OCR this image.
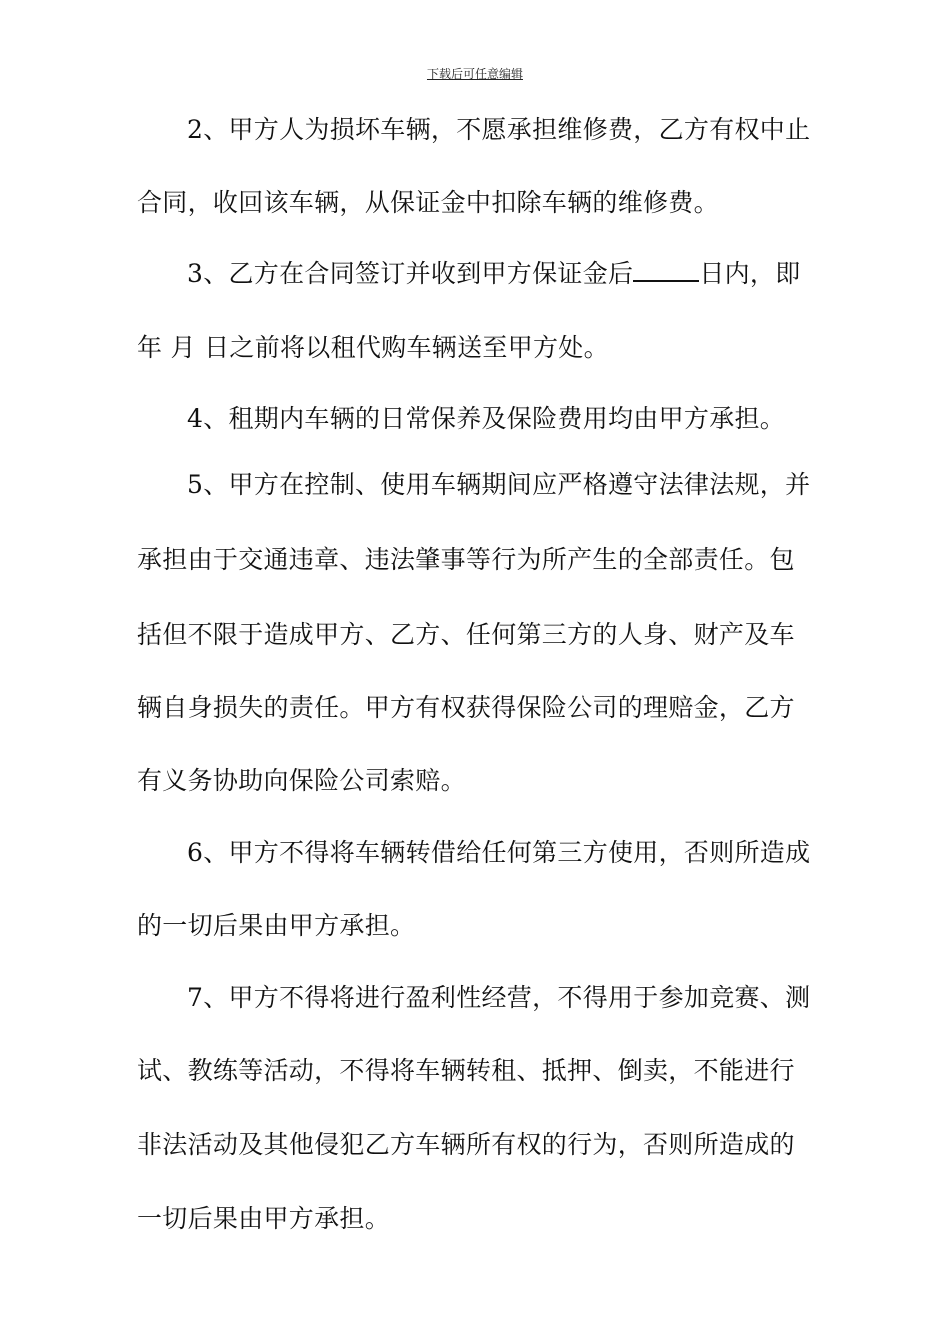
下载后可任意编辑
2、甲方人为损坏车辆，不愿承担维修费，乙方有权中止
合同，收回该车辆，从保证金中扣除车辆的维修费。
3、乙方在合同签订并收到甲方保证金后	日内，即
年 月 日之前将以租代购车辆送至甲方处。
4、租期内车辆的日常保养及保险费用均由甲方承担。
5、甲方在控制、使用车辆期间应严格遵守法律法规，并
承担由于交通违章、违法肇事等行为所产生的全部责任。包
括但不限于造成甲方、乙方、任何第三方的人身、财产及车
辆自身损失的责任。甲方有权获得保险公司的理赔金，乙方
有义务协助向保险公司索赔。
6、甲方不得将车辆转借给任何第三方使用，否则所造成
的一切后果由甲方承担。
7、甲方不得将进行盈利性经营，不得用于参加竞赛、测
试、教练等活动，不得将车辆转租、抵押、倒卖，不能进行
非法活动及其他侵犯乙方车辆所有权的行为，否则所造成的
一切后果由甲方承担。
